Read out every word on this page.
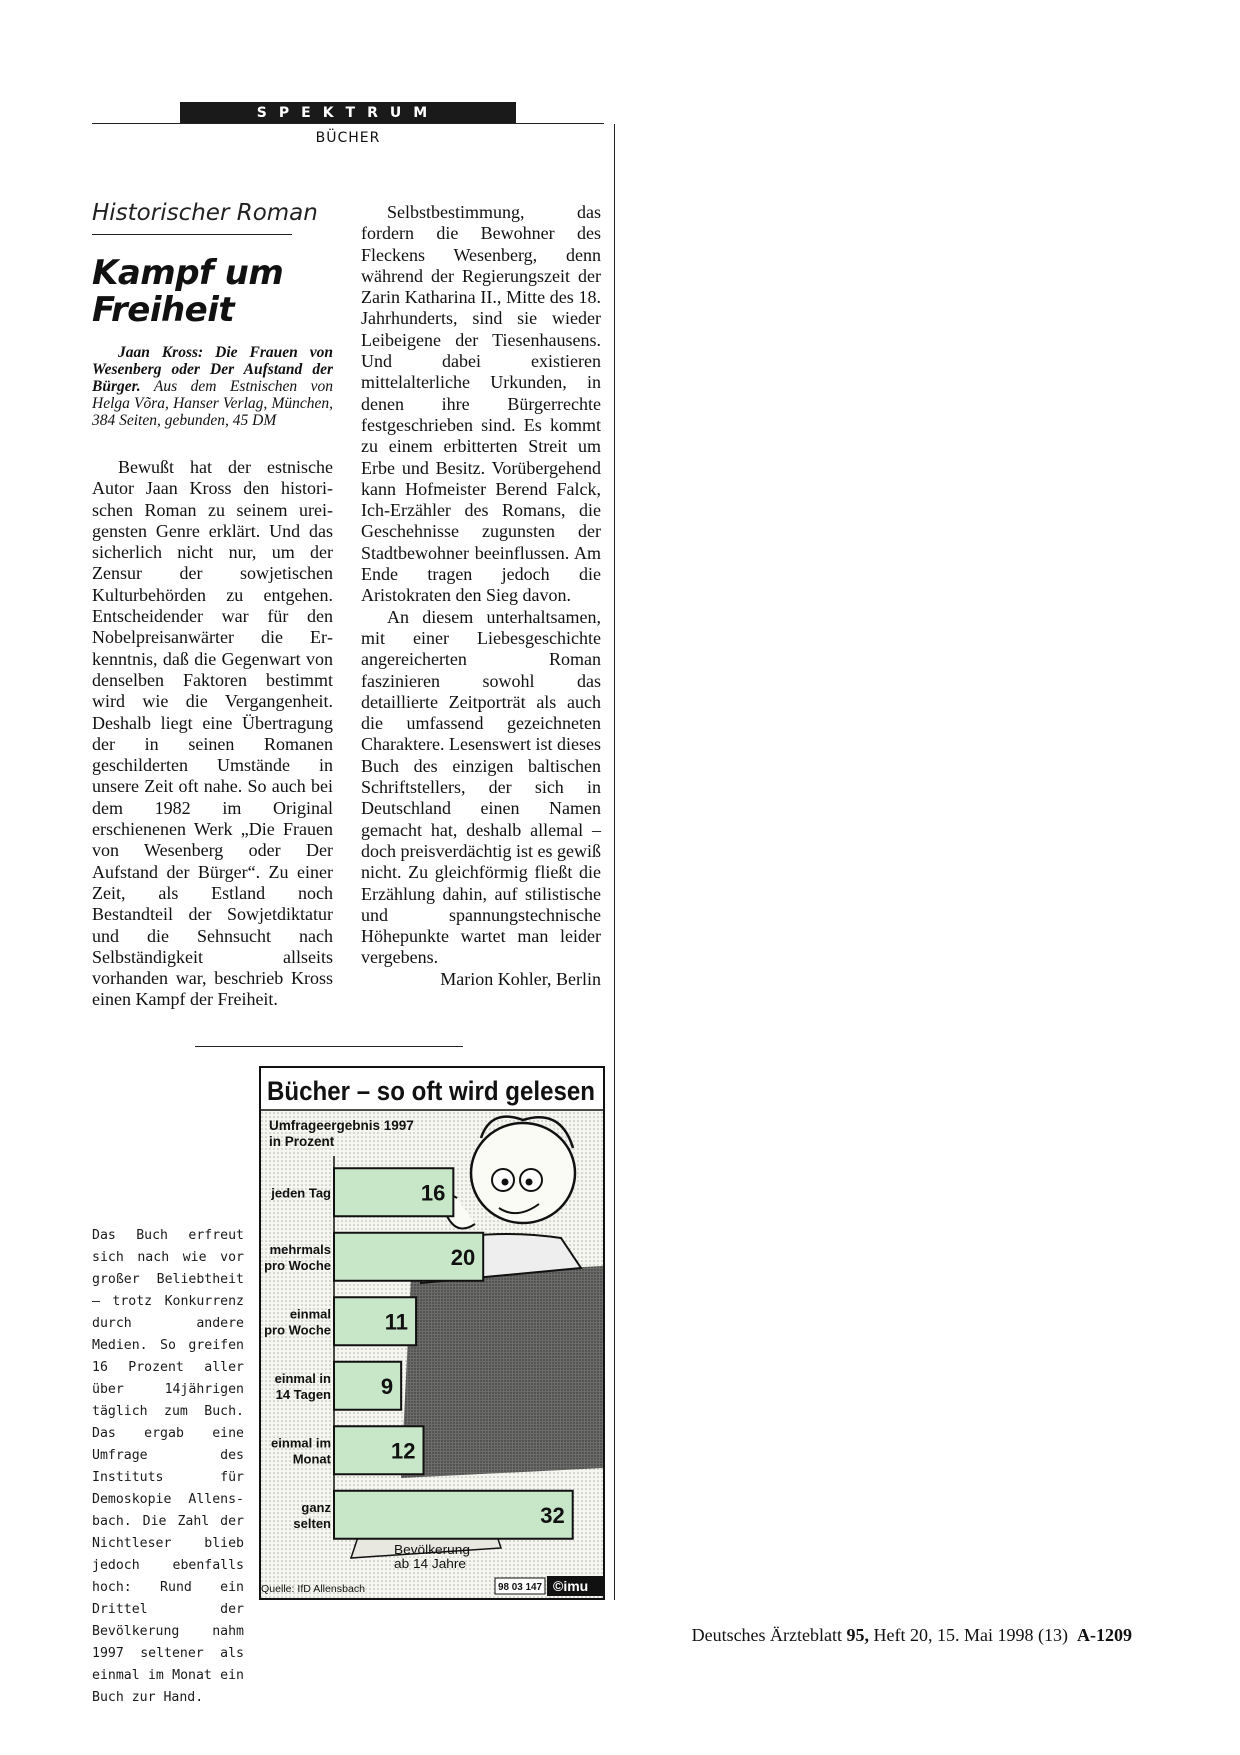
SPEKTRUM
BÜCHER
Historischer Roman
Kampf um
Freiheit

Jaan Kross: Die Frauen von Wesenberg oder Der Aufstand der Bürger. Aus dem Estnischen von Helga Võra, Hanser Verlag, München, 384 Seiten, gebunden, 45 DM

Bewußt hat der estnische Autor Jaan Kross den historischen Roman zu seinem ureigensten Genre erklärt. Und das sicherlich nicht nur, um der Zensur der sowjetischen Kulturbehörden zu entgehen. Entscheidender war für den Nobelpreisanwärter die Erkenntnis, daß die Gegenwart von denselben Faktoren bestimmt wird wie die Vergangenheit. Deshalb liegt eine Übertragung der in seinen Romanen geschilderten Umstände in unsere Zeit oft nahe. So auch bei dem 1982 im Original erschienenen Werk „Die Frauen von Wesenberg oder Der Aufstand der Bürger“. Zu einer Zeit, als Estland noch Bestandteil der Sowjetdiktatur und die Sehnsucht nach Selbständigkeit allseits vorhanden war, beschrieb Kross einen Kampf der Freiheit.

Selbstbestimmung, das fordern die Bewohner des Fleckens Wesenberg, denn während der Regierungszeit der Zarin Katharina II., Mitte des 18. Jahrhunderts, sind sie wieder Leibeigene der Tiesenhausens. Und dabei existieren mittelalterliche Urkunden, in denen ihre Bürgerrechte festgeschrieben sind. Es kommt zu einem erbitterten Streit um Erbe und Besitz. Vorübergehend kann Hofmeister Berend Falck, Ich-Erzähler des Romans, die Geschehnisse zugunsten der Stadtbewohner beeinflussen. Am Ende tragen jedoch die Aristokraten den Sieg davon.

An diesem unterhaltsamen, mit einer Liebesgeschichte angereicherten Roman faszinieren sowohl das detaillierte Zeitporträt als auch die umfassend gezeichneten Charaktere. Lesenswert ist dieses Buch des einzigen baltischen Schriftstellers, der sich in Deutschland einen Namen gemacht hat, deshalb allemal – doch preisverdächtig ist es gewiß nicht. Zu gleichförmig fließt die Erzählung dahin, auf stilistische und spannungstechnische Höhepunkte wartet man leider vergebens.

Marion Kohler, Berlin

Das Buch erfreut sich nach wie vor großer Beliebtheit – trotz Konkurrenz durch andere Medien. So greifen 16 Prozent aller über 14jährigen täglich zum Buch. Das ergab eine Umfrage des Instituts für Demoskopie Allensbach. Die Zahl der Nichtleser blieb jedoch ebenfalls hoch: Rund ein Drittel der Bevölkerung nahm 1997 seltener als einmal im Monat ein Buch zur Hand.
Bücher – so oft wird gelesen
Umfrageergebnis 1997
in Prozent
16
jeden Tag
20
mehrmals
pro Woche
11
einmal
pro Woche
9
einmal in
14 Tagen
12
einmal im
Monat
32
ganz
selten
Bevölkerung
ab 14 Jahre
Quelle: IfD Allensbach	98 03 147 ©imu
Deutsches Ärzteblatt 95, Heft 20, 15. Mai 1998 (13) A-1209
